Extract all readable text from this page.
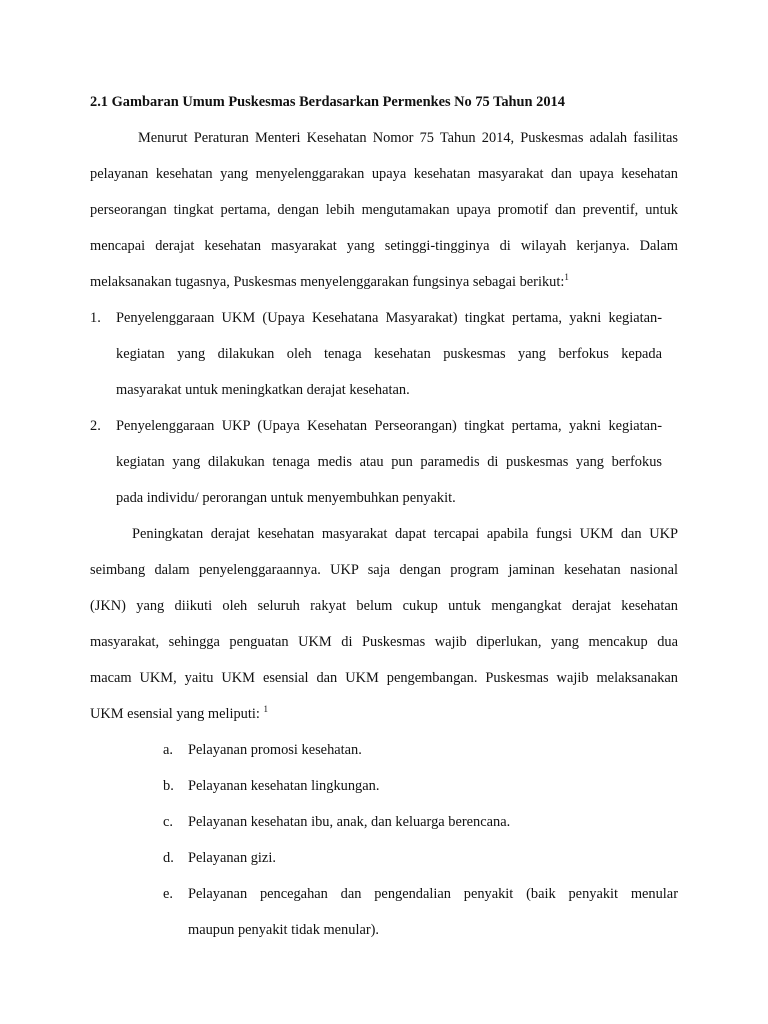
2.1 Gambaran Umum Puskesmas Berdasarkan Permenkes No 75 Tahun 2014
Menurut Peraturan Menteri Kesehatan Nomor 75 Tahun 2014, Puskesmas adalah fasilitas
pelayanan kesehatan yang menyelenggarakan upaya kesehatan masyarakat dan upaya kesehatan
perseorangan tingkat pertama, dengan lebih mengutamakan upaya promotif dan preventif, untuk
mencapai derajat kesehatan masyarakat yang setinggi-tingginya di wilayah kerjanya. Dalam
melaksanakan tugasnya, Puskesmas menyelenggarakan fungsinya sebagai berikut:$^1$
1. Penyelenggaraan UKM (Upaya Kesehatana Masyarakat) tingkat pertama, yakni kegiatan-
kegiatan yang dilakukan oleh tenaga kesehatan puskesmas yang berfokus kepada
masyarakat untuk meningkatkan derajat kesehatan.
2. Penyelenggaraan UKP (Upaya Kesehatan Perseorangan) tingkat pertama, yakni kegiatan-
kegiatan yang dilakukan tenaga medis atau pun paramedis di puskesmas yang berfokus
pada individu/ perorangan untuk menyembuhkan penyakit.
Peningkatan derajat kesehatan masyarakat dapat tercapai apabila fungsi UKM dan UKP
seimbang dalam penyelenggaraannya. UKP saja dengan program jaminan kesehatan nasional
(JKN) yang diikuti oleh seluruh rakyat belum cukup untuk mengangkat derajat kesehatan
masyarakat, sehingga penguatan UKM di Puskesmas wajib diperlukan, yang mencakup dua
macam UKM, yaitu UKM esensial dan UKM pengembangan. Puskesmas wajib melaksanakan
UKM esensial yang meliputi: $^1$
a. Pelayanan promosi kesehatan.
b. Pelayanan kesehatan lingkungan.
c. Pelayanan kesehatan ibu, anak, dan keluarga berencana.
d. Pelayanan gizi.
e. Pelayanan pencegahan dan pengendalian penyakit (baik penyakit menular
maupun penyakit tidak menular).
